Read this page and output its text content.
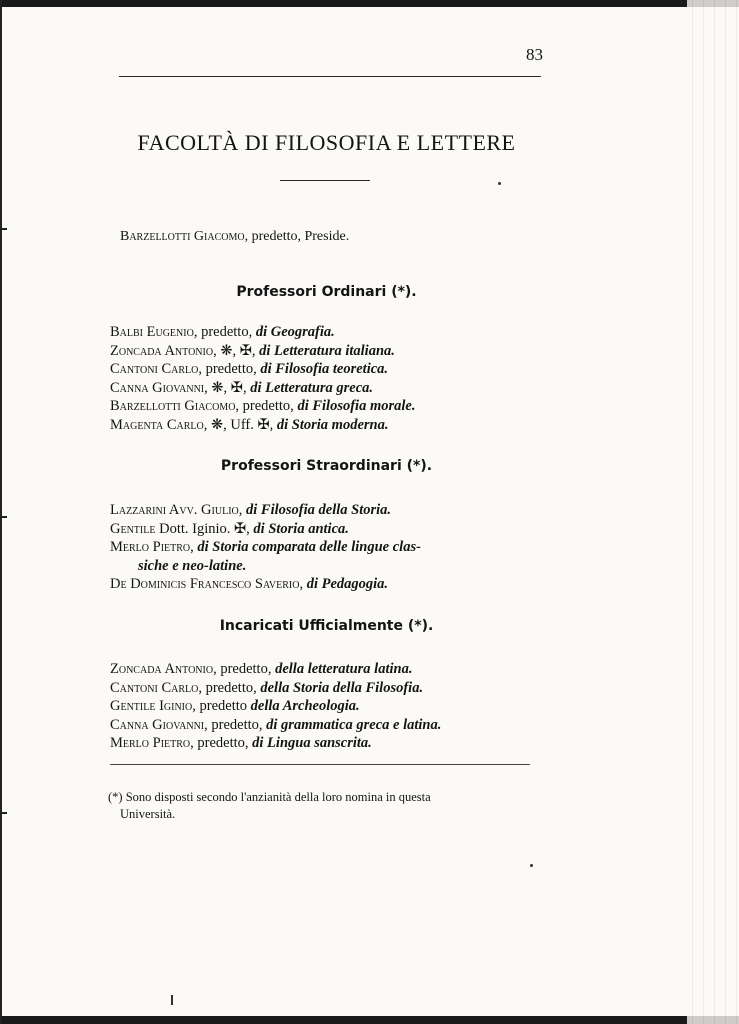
83
FACOLTÀ DI FILOSOFIA E LETTERE
Barzellotti Giacomo, predetto, Preside.
Professori Ordinari (*).
Balbi Eugenio, predetto, di Geografia.
Zoncada Antonio, ❋, ✠, di Letteratura italiana.
Cantoni Carlo, predetto, di Filosofia teoretica.
Canna Giovanni, ❋, ✠, di Letteratura greca.
Barzellotti Giacomo, predetto, di Filosofia morale.
Magenta Carlo, ❋, Uff. ✠, di Storia moderna.
Professori Straordinari (*).
Lazzarini Avv. Giulio, di Filosofia della Storia.
Gentile Dott. Iginio. ✠, di Storia antica.
Merlo Pietro, di Storia comparata delle lingue clas-
siche e neo-latine.
De Dominicis Francesco Saverio, di Pedagogia.
Incaricati Ufficialmente (*).
Zoncada Antonio, predetto, della letteratura latina.
Cantoni Carlo, predetto, della Storia della Filosofia.
Gentile Iginio, predetto della Archeologia.
Canna Giovanni, predetto, di grammatica greca e latina.
Merlo Pietro, predetto, di Lingua sanscrita.
(*) Sono disposti secondo l'anzianità della loro nomina in questa
Università.
